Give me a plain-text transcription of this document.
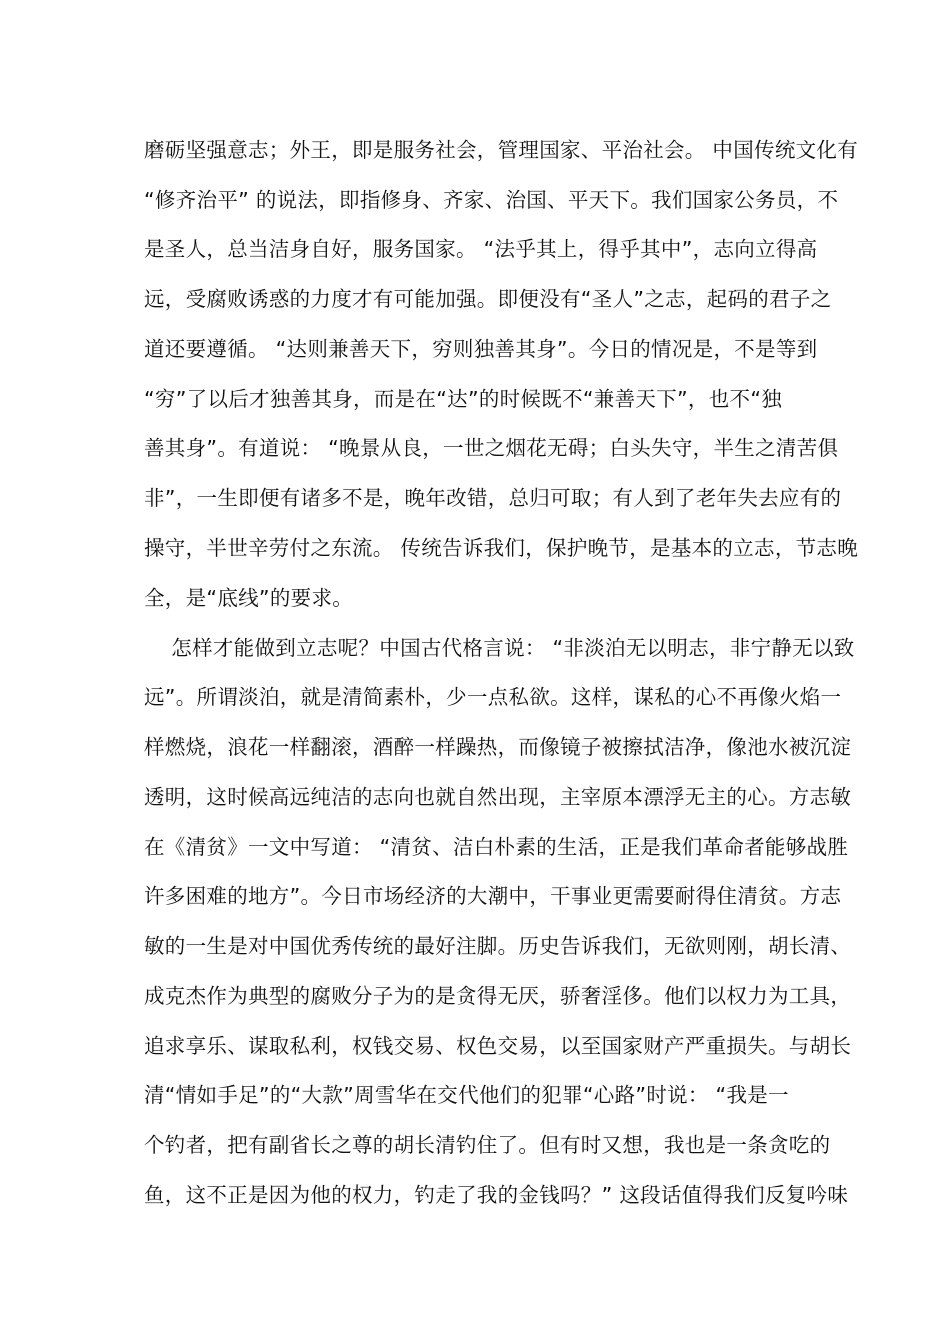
磨砺坚强意志；外王，即是服务社会，管理国家、平治社会。 中国传统文化有
“修齐治平” 的说法，即指修身、齐家、治国、平天下。我们国家公务员，不
是圣人，总当洁身自好，服务国家。 “法乎其上，得乎其中”，志向立得高
远，受腐败诱惑的力度才有可能加强。即便没有“圣人”之志，起码的君子之
道还要遵循。 “达则兼善天下，穷则独善其身”。今日的情况是，不是等到
“穷”了以后才独善其身，而是在“达”的时候既不“兼善天下”，也不“独
善其身”。有道说： “晚景从良，一世之烟花无碍；白头失守，半生之清苦俱
非”，一生即便有诸多不是，晚年改错，总归可取；有人到了老年失去应有的
操守，半世辛劳付之东流。 传统告诉我们，保护晚节，是基本的立志，节志晚
全，是“底线”的要求。
怎样才能做到立志呢？中国古代格言说： “非淡泊无以明志，非宁静无以致
远”。所谓淡泊，就是清简素朴，少一点私欲。这样，谋私的心不再像火焰一
样燃烧，浪花一样翻滚，酒醉一样躁热，而像镜子被擦拭洁净，像池水被沉淀
透明，这时候高远纯洁的志向也就自然出现，主宰原本漂浮无主的心。方志敏
在《清贫》一文中写道： “清贫、洁白朴素的生活，正是我们革命者能够战胜
许多困难的地方”。今日市场经济的大潮中，干事业更需要耐得住清贫。方志
敏的一生是对中国优秀传统的最好注脚。历史告诉我们，无欲则刚，胡长清、
成克杰作为典型的腐败分子为的是贪得无厌，骄奢淫侈。他们以权力为工具，
追求享乐、谋取私利，权钱交易、权色交易，以至国家财产严重损失。与胡长
清“情如手足”的“大款”周雪华在交代他们的犯罪“心路”时说： “我是一
个钓者，把有副省长之尊的胡长清钓住了。但有时又想，我也是一条贪吃的
鱼，这不正是因为他的权力，钓走了我的金钱吗？” 这段话值得我们反复吟味
